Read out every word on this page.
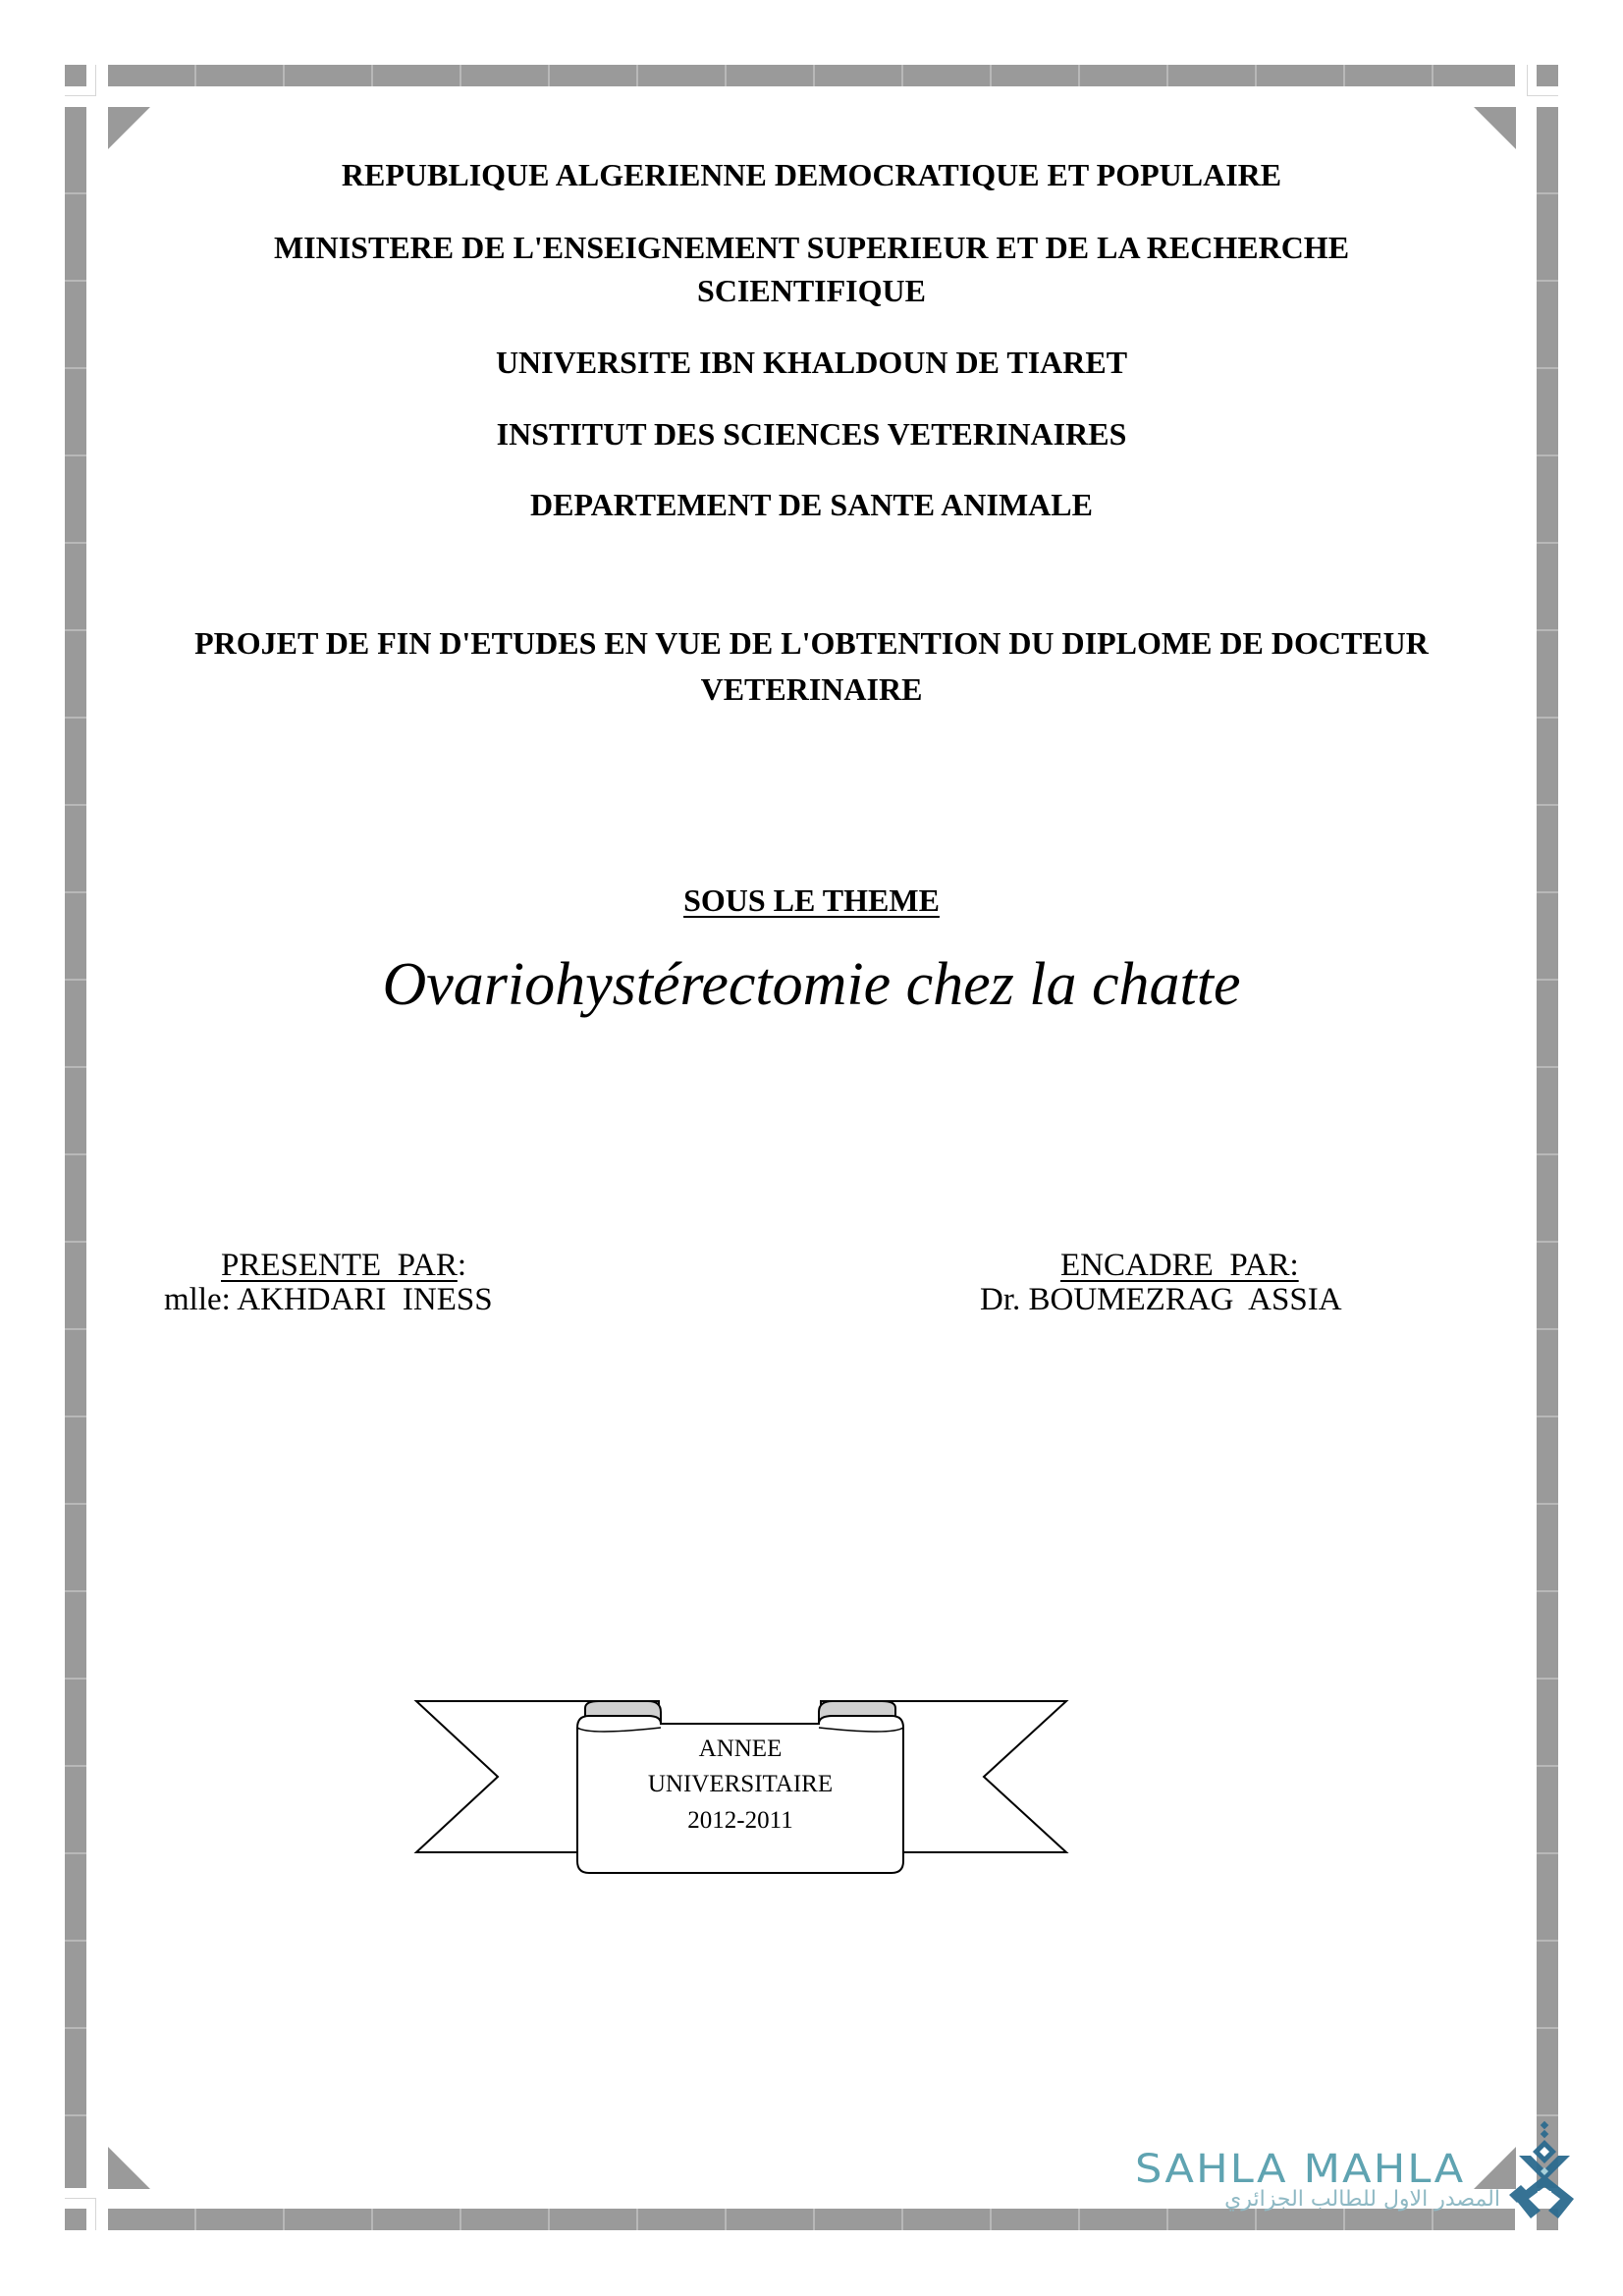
REPUBLIQUE ALGERIENNE DEMOCRATIQUE ET POPULAIRE
MINISTERE DE L'ENSEIGNEMENT SUPERIEUR ET DE LA RECHERCHE
SCIENTIFIQUE
UNIVERSITE IBN KHALDOUN DE TIARET
INSTITUT DES SCIENCES VETERINAIRES
DEPARTEMENT DE SANTE ANIMALE
PROJET DE FIN D'ETUDES EN VUE DE L'OBTENTION DU DIPLOME DE DOCTEUR
VETERINAIRE
SOUS LE THEME
Ovariohystérectomie chez la chatte

PRESENTE  PAR:

mlle: AKHDARI  INESS

ENCADRE  PAR:

Dr. BOUMEZRAG  ASSIA
ANNEE
UNIVERSITAIRE
2012-2011
SAHLA MAHLA
المصدر الاول للطالب الجزائري
